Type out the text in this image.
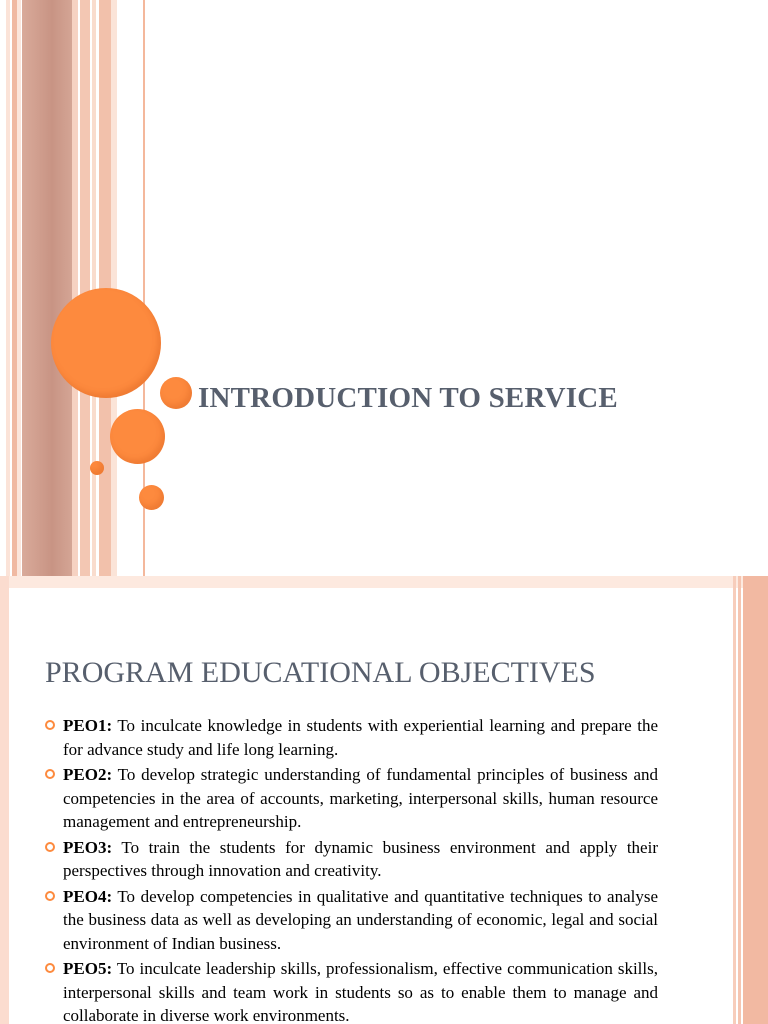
INTRODUCTION TO SERVICE
PROGRAM EDUCATIONAL OBJECTIVES
PEO1: To inculcate knowledge in students with experiential learning and prepare the for advance study and life long learning.
PEO2: To develop strategic understanding of fundamental principles of business and competencies in the area of accounts, marketing, interpersonal skills, human resource management and entrepreneurship.
PEO3: To train the students for dynamic business environment and apply their perspectives through innovation and creativity.
PEO4: To develop competencies in qualitative and quantitative techniques to analyse the business data as well as developing an understanding of economic, legal and social environment of Indian business.
PEO5: To inculcate leadership skills, professionalism, effective communication skills, interpersonal skills and team work in students so as to enable them to manage and collaborate in diverse work environments.
